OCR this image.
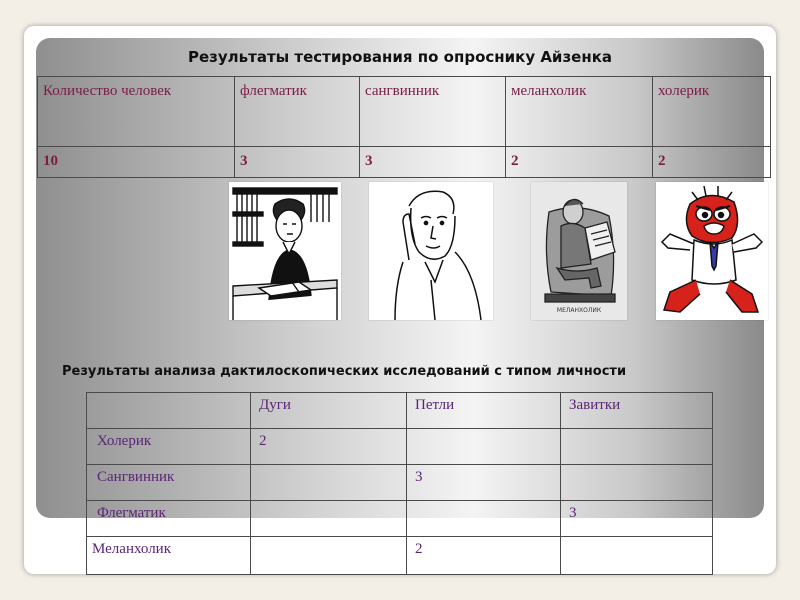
Результаты тестирования по опроснику Айзенка
Количество человек	флегматик	сангвинник	меланхолик	холерик
10	3	3	2	2
МЕЛАНХОЛИК
Результаты анализа дактилоскопических исследований с типом личности
	Дуги	Петли	Завитки
Холерик	2		
Сангвинник		3	
Флегматик			3
Меланхолик		2	
